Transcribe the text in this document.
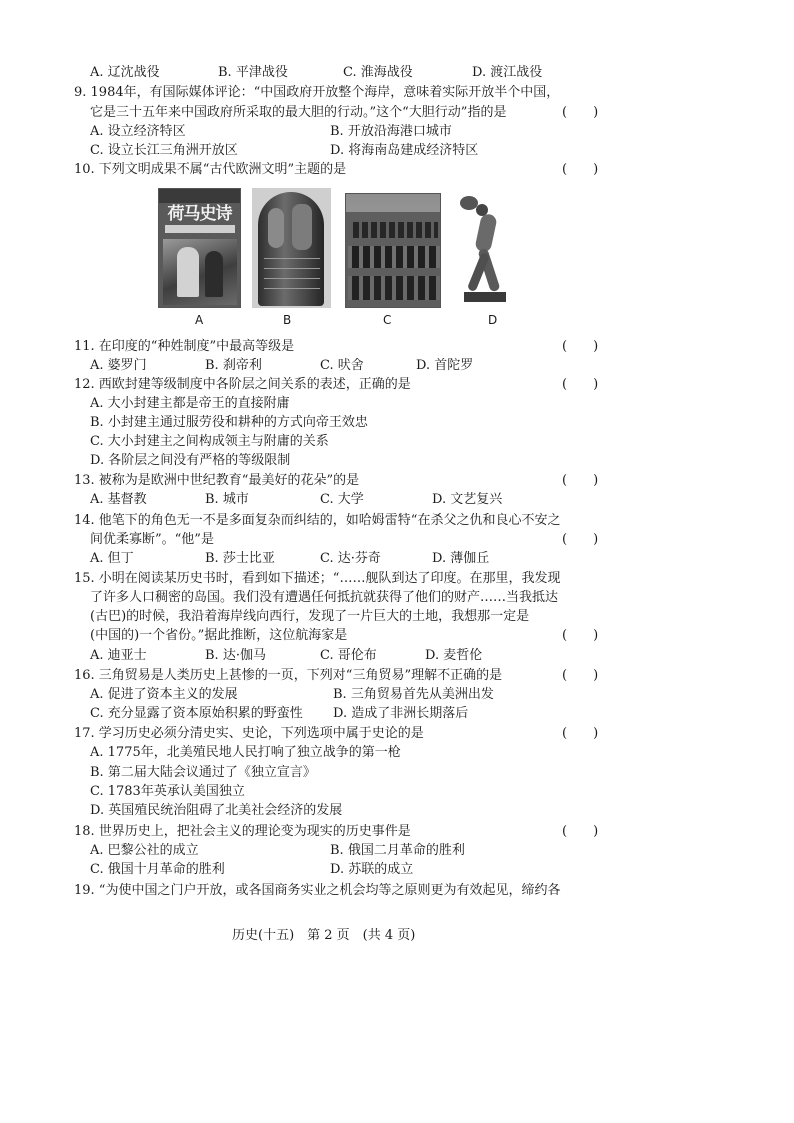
A. 辽沈战役	B. 平津战役	C. 淮海战役	D. 渡江战役
9. 1984年，有国际媒体评论：“中国政府开放整个海岸，意味着实际开放半个中国，
它是三十五年来中国政府所采取的最大胆的行动。”这个“大胆行动”指的是	(　　)
A. 设立经济特区	B. 开放沿海港口城市
C. 设立长江三角洲开放区	D. 将海南岛建成经济特区
10. 下列文明成果不属“古代欧洲文明”主题的是	(　　)
荷马史诗
A	B	C	D
11. 在印度的“种姓制度”中最高等级是	(　　)
A. 婆罗门	B. 刹帝利	C. 吠舍	D. 首陀罗
12. 西欧封建等级制度中各阶层之间关系的表述，正确的是	(　　)
A. 大小封建主都是帝王的直接附庸
B. 小封建主通过服劳役和耕种的方式向帝王效忠
C. 大小封建主之间构成领主与附庸的关系
D. 各阶层之间没有严格的等级限制
13. 被称为是欧洲中世纪教育“最美好的花朵”的是	(　　)
A. 基督教	B. 城市	C. 大学	D. 文艺复兴
14. 他笔下的角色无一不是多面复杂而纠结的，如哈姆雷特“在杀父之仇和良心不安之
间优柔寡断”。“他”是	(　　)
A. 但丁	B. 莎士比亚	C. 达·芬奇	D. 薄伽丘
15. 小明在阅读某历史书时，看到如下描述；“……舰队到达了印度。在那里，我发现
了许多人口稠密的岛国。我们没有遭遇任何抵抗就获得了他们的财产……当我抵达
(古巴)的时候，我沿着海岸线向西行，发现了一片巨大的土地，我想那一定是
(中国的)一个省份。”据此推断，这位航海家是	(　　)
A. 迪亚士	B. 达·伽马	C. 哥伦布	D. 麦哲伦
16. 三角贸易是人类历史上甚惨的一页，下列对“三角贸易”理解不正确的是	(　　)
A. 促进了资本主义的发展	B. 三角贸易首先从美洲出发
C. 充分显露了资本原始积累的野蛮性 D. 造成了非洲长期落后
17. 学习历史必须分清史实、史论，下列选项中属于史论的是	(　　)
A. 1775年，北美殖民地人民打响了独立战争的第一枪
B. 第二届大陆会议通过了《独立宣言》
C. 1783年英承认美国独立
D. 英国殖民统治阻碍了北美社会经济的发展
18. 世界历史上，把社会主义的理论变为现实的历史事件是	(　　)
A. 巴黎公社的成立	B. 俄国二月革命的胜利
C. 俄国十月革命的胜利	D. 苏联的成立
19. “为使中国之门户开放，或各国商务实业之机会均等之原则更为有效起见，缔约各
历史(十五)　第 2 页　(共 4 页)
